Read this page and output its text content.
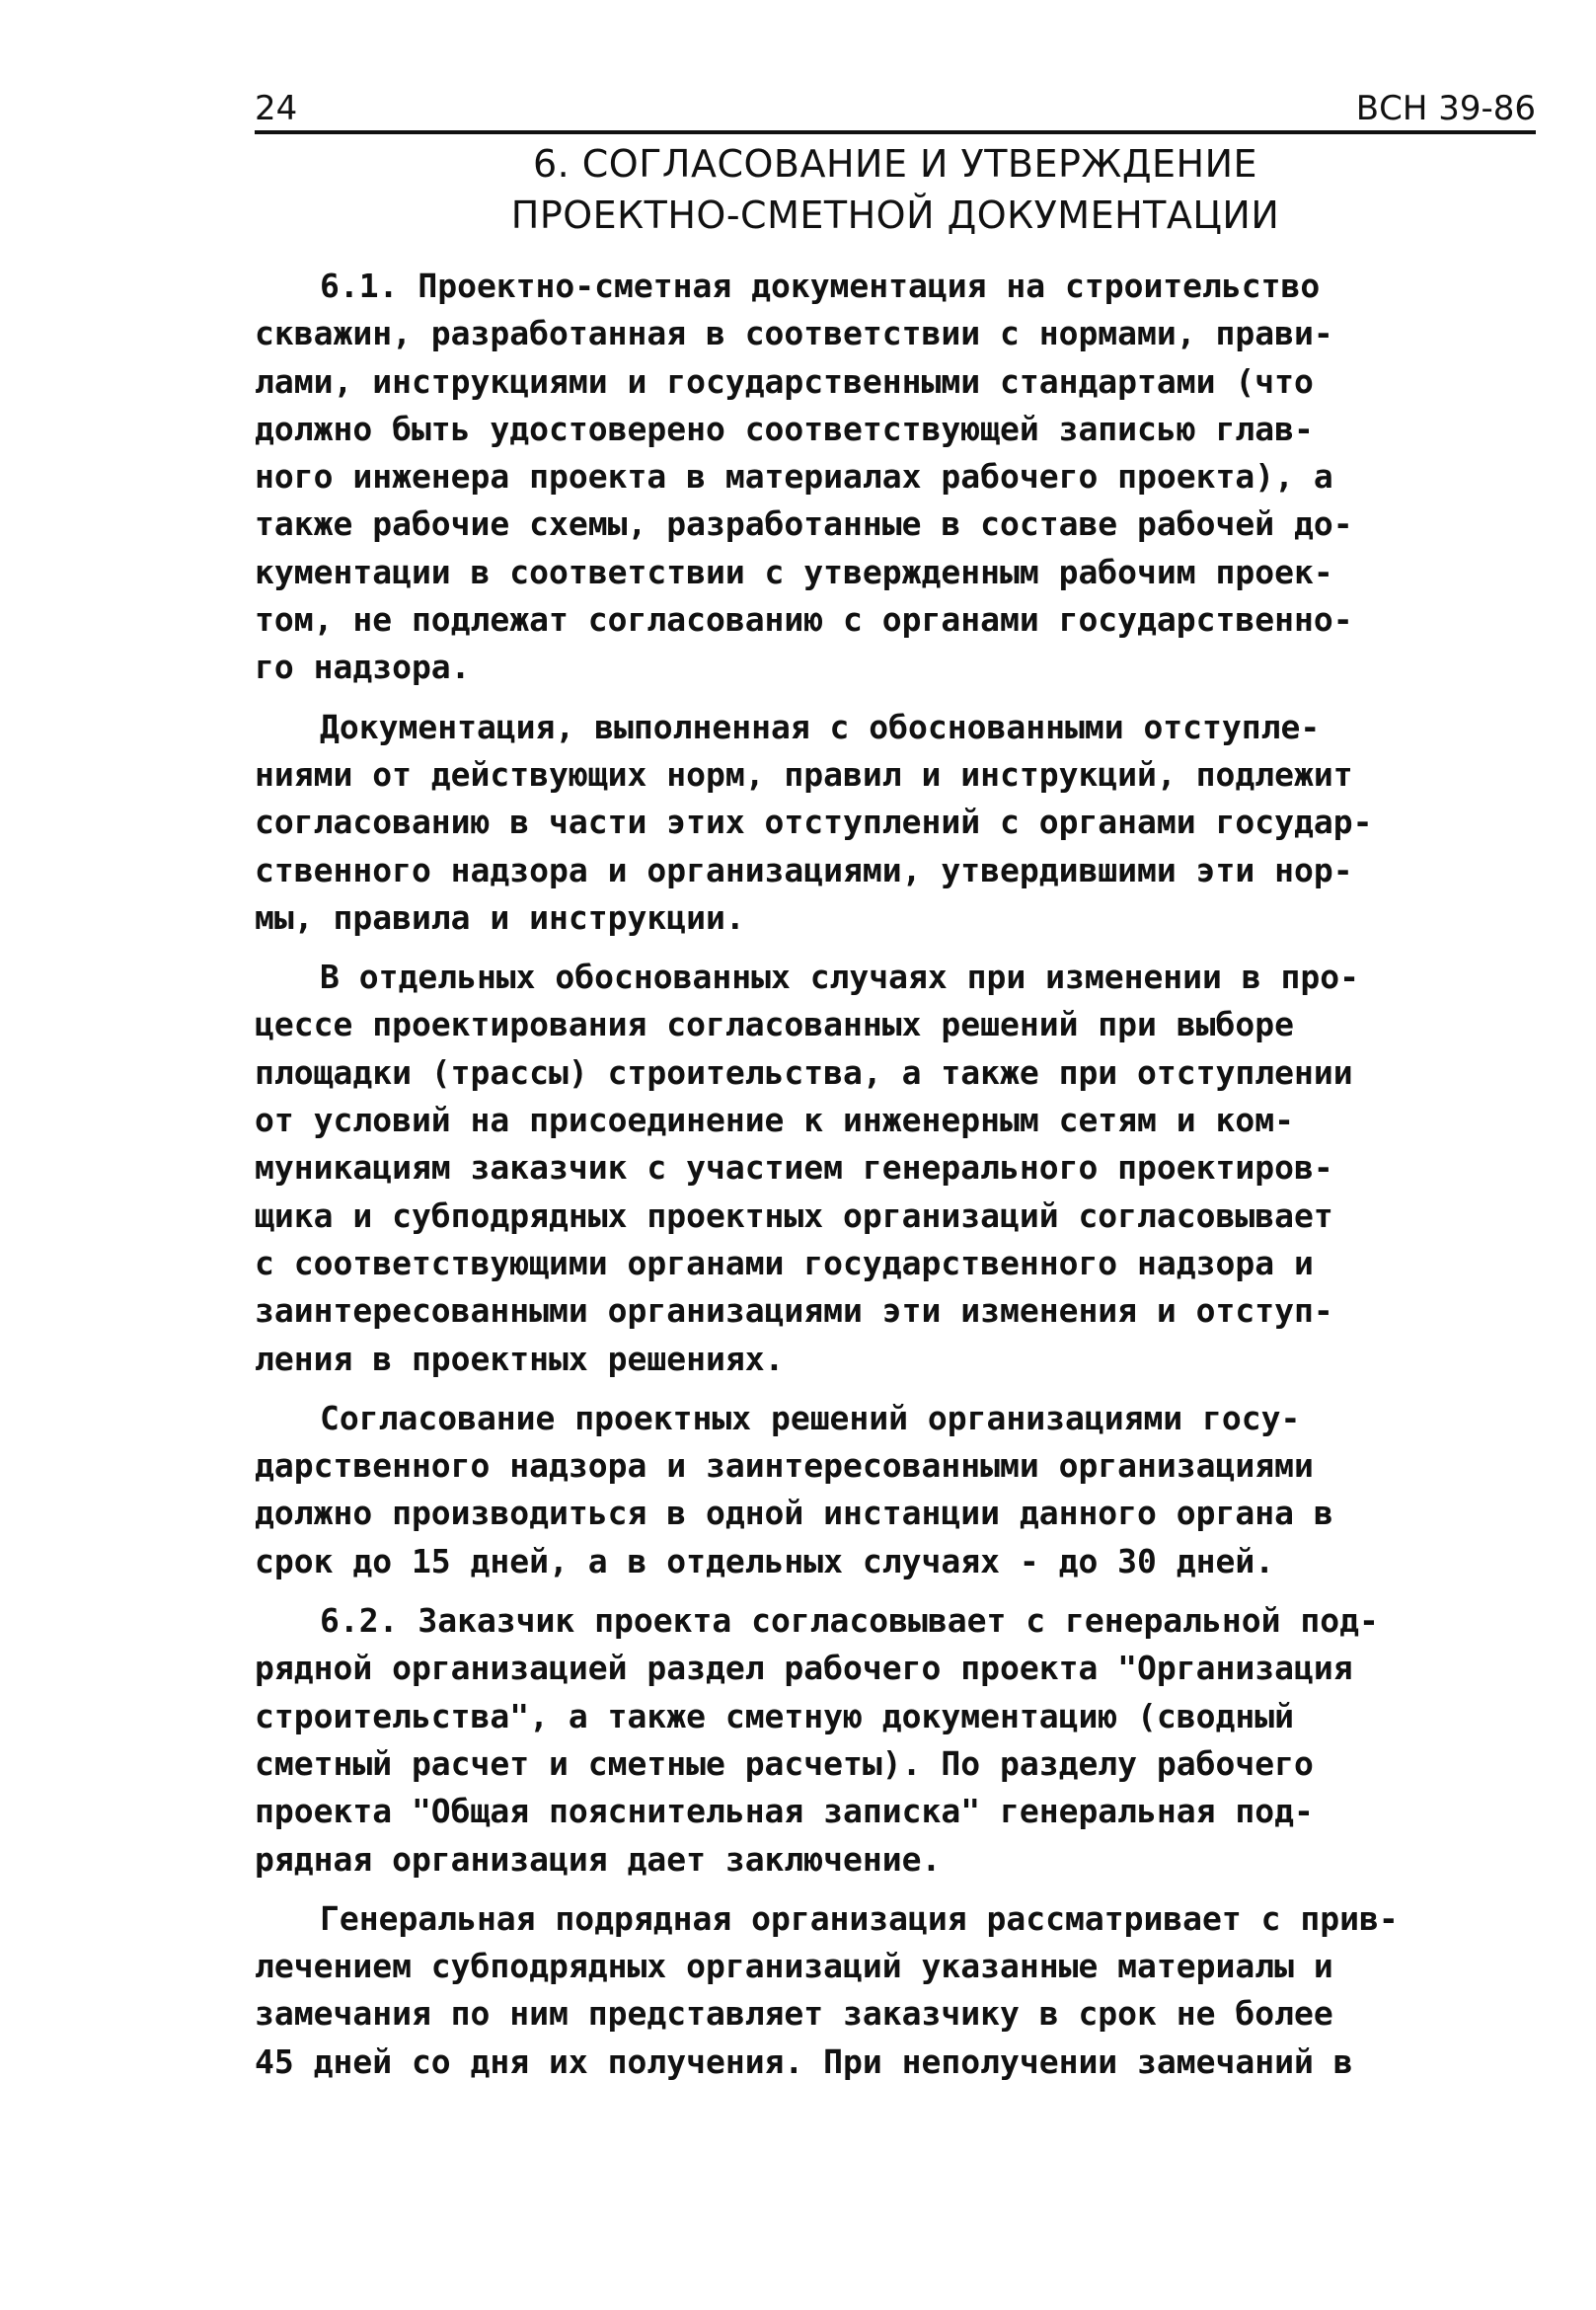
24	ВСН 39-86
6. СОГЛАСОВАНИЕ И УТВЕРЖДЕНИЕ
ПРОЕКТНО-СМЕТНОЙ ДОКУМЕНТАЦИИ
6.1. Проектно-сметная документация на строительство
скважин, разработанная в соответствии с нормами, прави-
лами, инструкциями и государственными стандартами (что
должно быть удостоверено соответствующей записью глав-
ного инженера проекта в материалах рабочего проекта), а
также рабочие схемы, разработанные в составе рабочей до-
кументации в соответствии с утвержденным рабочим проек-
том, не подлежат согласованию с органами государственно-
го надзора.
Документация, выполненная с обоснованными отступле-
ниями от действующих норм, правил и инструкций, подлежит
согласованию в части этих отступлений с органами государ-
ственного надзора и организациями, утвердившими эти нор-
мы, правила и инструкции.
В отдельных обоснованных случаях при изменении в про-
цессе проектирования согласованных решений при выборе
площадки (трассы) строительства, а также при отступлении
от условий на присоединение к инженерным сетям и ком-
муникациям заказчик с участием генерального проектиров-
щика и субподрядных проектных организаций согласовывает
с соответствующими органами государственного надзора и
заинтересованными организациями эти изменения и отступ-
ления в проектных решениях.
Согласование проектных решений организациями госу-
дарственного надзора и заинтересованными организациями
должно производиться в одной инстанции данного органа в
срок до 15 дней, а в отдельных случаях - до 30 дней.
6.2. Заказчик проекта согласовывает с генеральной под-
рядной организацией раздел рабочего проекта "Организация
строительства", а также сметную документацию (сводный
сметный расчет и сметные расчеты). По разделу рабочего
проекта "Общая пояснительная записка" генеральная под-
рядная организация дает заключение.
Генеральная подрядная организация рассматривает с прив-
лечением субподрядных организаций указанные материалы и
замечания по ним представляет заказчику в срок не более
45 дней со дня их получения. При неполучении замечаний в
